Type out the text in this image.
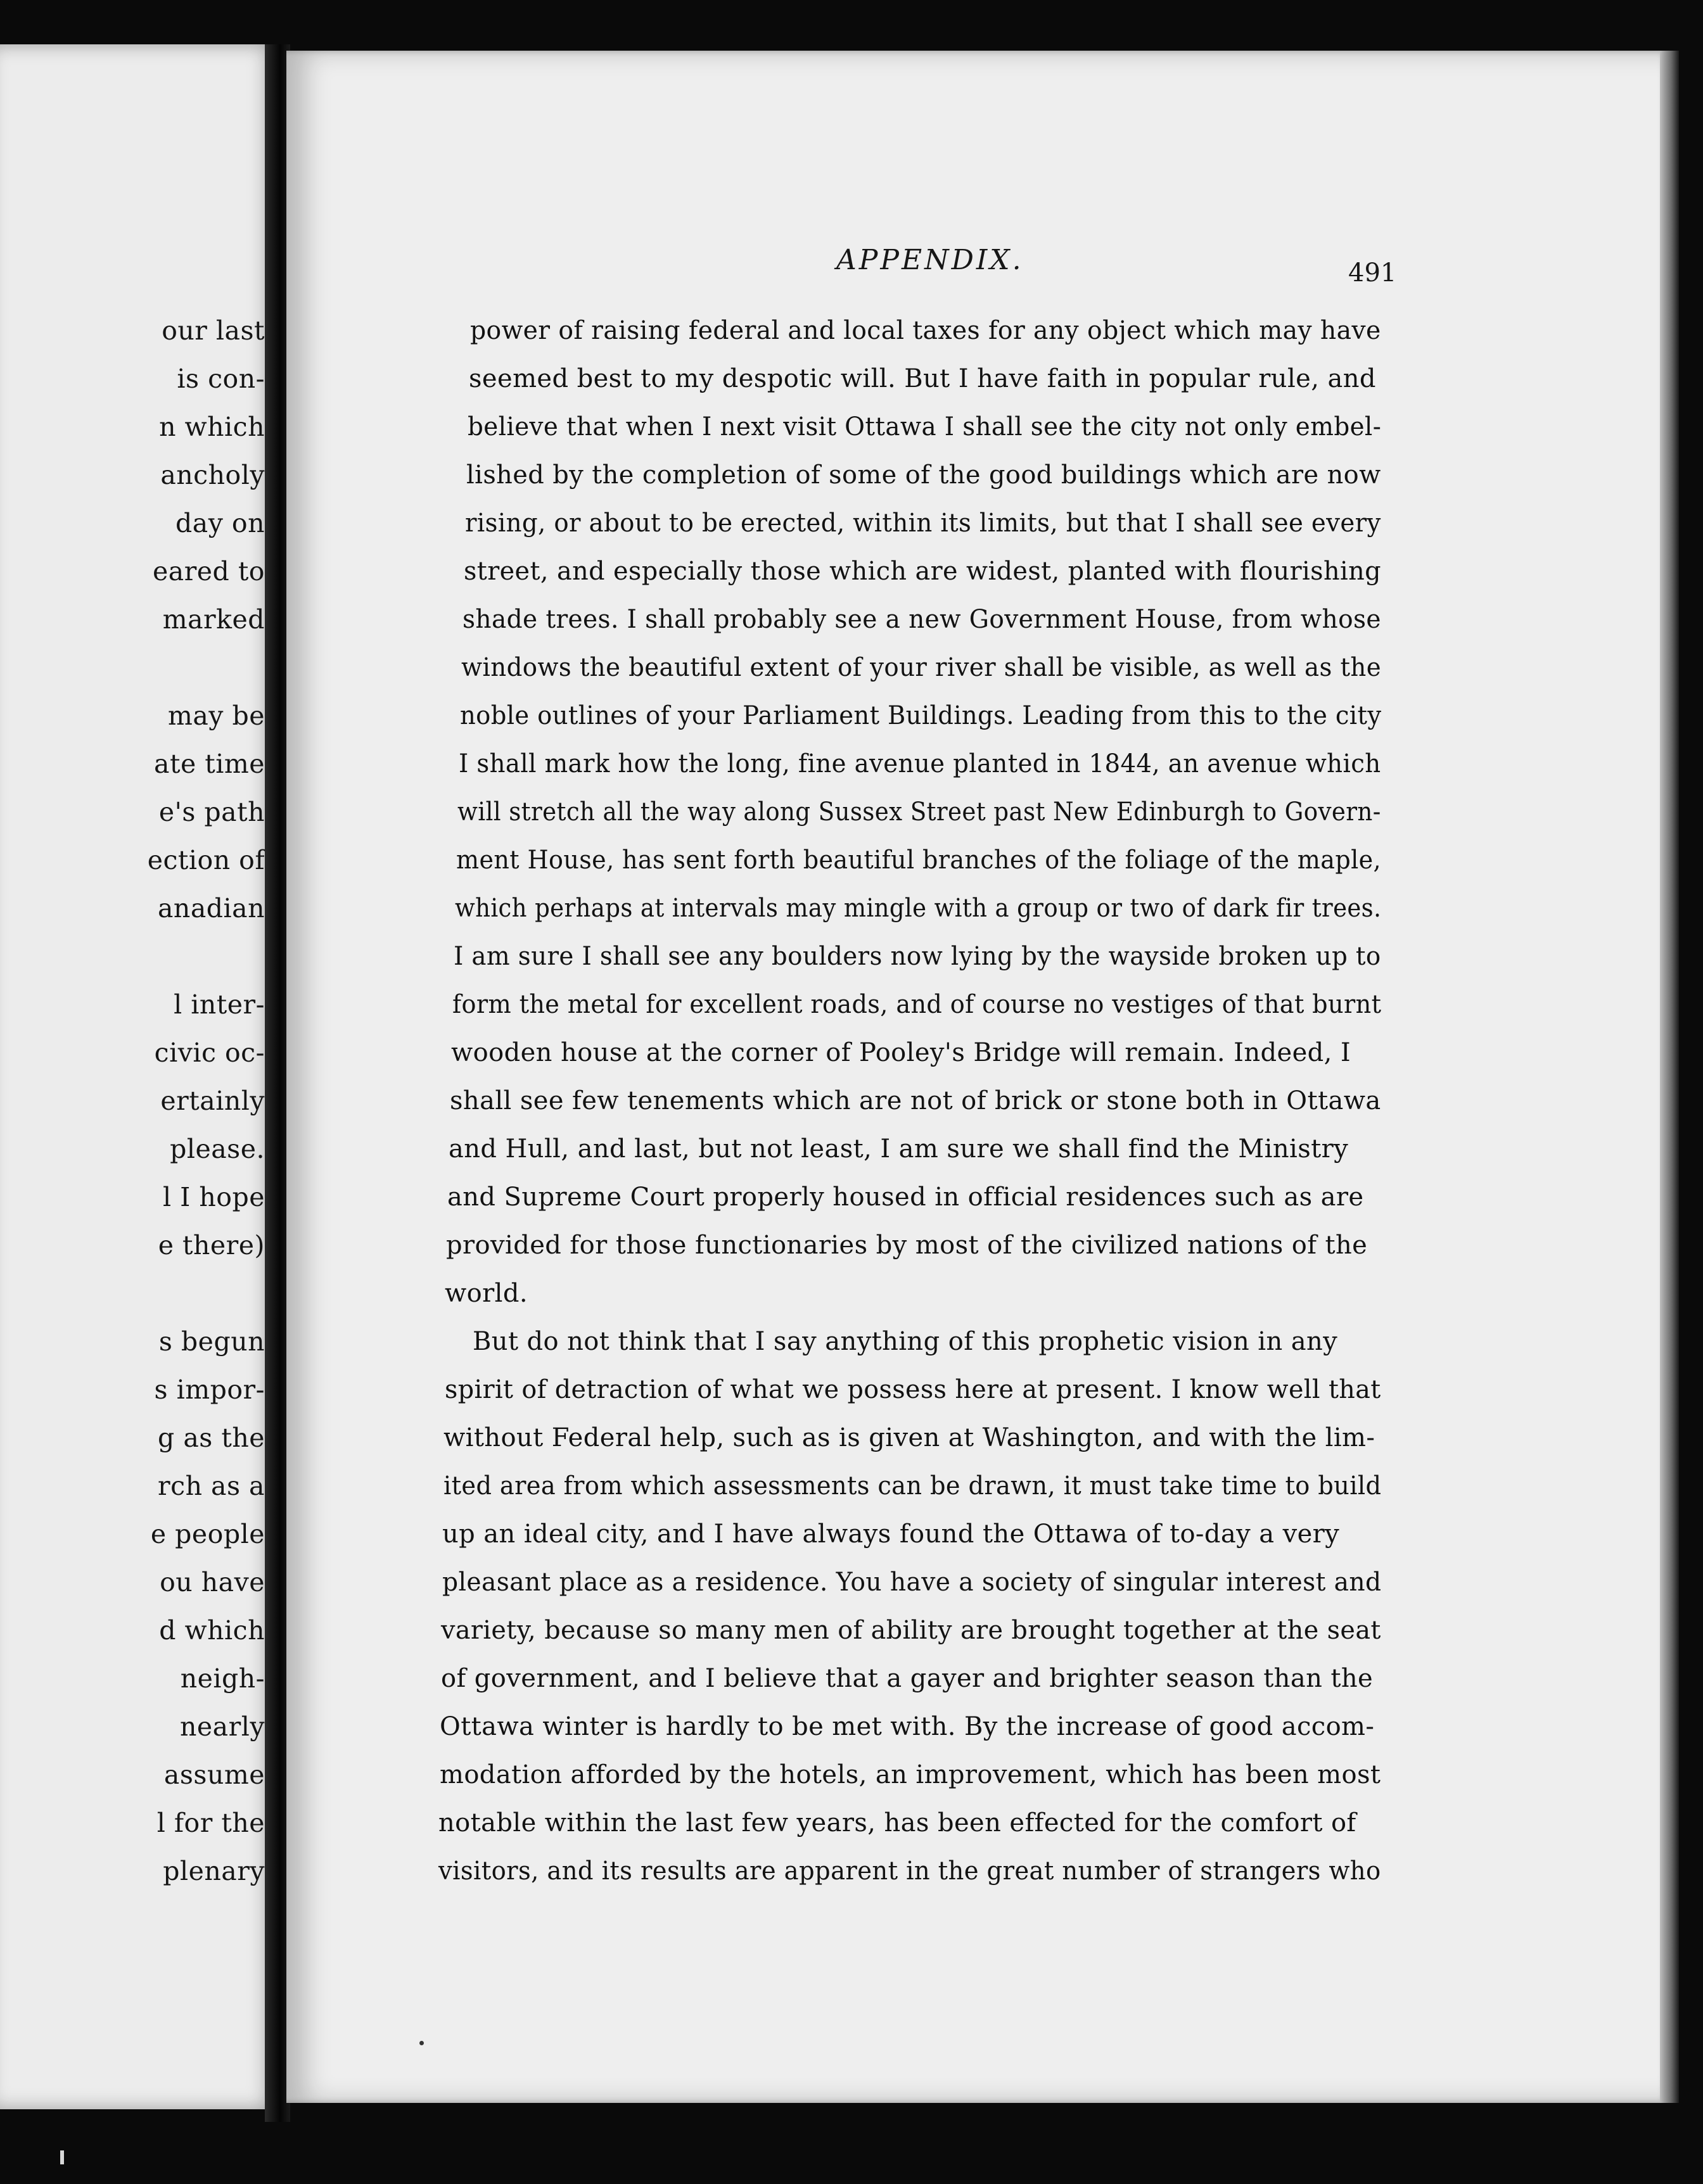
our last
is con-
n which
ancholy
day on
eared to
marked
may be
ate time
e's path
ection of
anadian
l inter-
civic oc-
ertainly
please.
l I hope
e there)
s begun
s impor-
g as the
rch as a
e people
ou have
d which
neigh-
nearly
assume
l for the
plenary
APPENDIX.	491
power of raising federal and local taxes for any object which may have
seemed best to my despotic will. But I have faith in popular rule, and
believe that when I next visit Ottawa I shall see the city not only embel-
lished by the completion of some of the good buildings which are now
rising, or about to be erected, within its limits, but that I shall see every
street, and especially those which are widest, planted with flourishing
shade trees. I shall probably see a new Government House, from whose
windows the beautiful extent of your river shall be visible, as well as the
noble outlines of your Parliament Buildings. Leading from this to the city
I shall mark how the long, fine avenue planted in 1844, an avenue which
will stretch all the way along Sussex Street past New Edinburgh to Govern-
ment House, has sent forth beautiful branches of the foliage of the maple,
which perhaps at intervals may mingle with a group or two of dark fir trees.
I am sure I shall see any boulders now lying by the wayside broken up to
form the metal for excellent roads, and of course no vestiges of that burnt
wooden house at the corner of Pooley's Bridge will remain. Indeed, I
shall see few tenements which are not of brick or stone both in Ottawa
and Hull, and last, but not least, I am sure we shall find the Ministry
and Supreme Court properly housed in official residences such as are
provided for those functionaries by most of the civilized nations of the
world.
But do not think that I say anything of this prophetic vision in any
spirit of detraction of what we possess here at present. I know well that
without Federal help, such as is given at Washington, and with the lim-
ited area from which assessments can be drawn, it must take time to build
up an ideal city, and I have always found the Ottawa of to-day a very
pleasant place as a residence. You have a society of singular interest and
variety, because so many men of ability are brought together at the seat
of government, and I believe that a gayer and brighter season than the
Ottawa winter is hardly to be met with. By the increase of good accom-
modation afforded by the hotels, an improvement, which has been most
notable within the last few years, has been effected for the comfort of
visitors, and its results are apparent in the great number of strangers who
